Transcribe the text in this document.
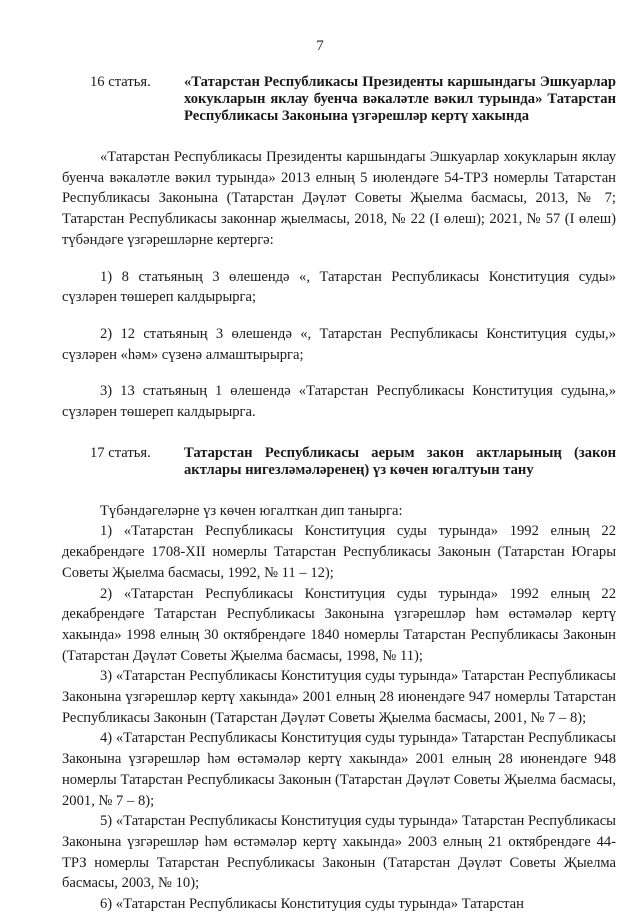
7
16 статья.	«Татарстан Республикасы Президенты каршындагы Эшкуарлар хокукларын яклау буенча вәкаләтле вәкил турында» Татарстан Республикасы Законына үзгәрешләр кертү хакында

«Татарстан Республикасы Президенты каршындагы Эшкуарлар хокукларын яклау буенча вәкаләтле вәкил турында» 2013 елның 5 июлендәге 54-ТРЗ номерлы Татарстан Республикасы Законына (Татарстан Дәүләт Советы Җыелма басмасы, 2013, № 7; Татарстан Республикасы законнар җыелмасы, 2018, № 22 (I өлеш); 2021, № 57 (I өлеш) түбәндәге үзгәрешләрне кертергә:

1) 8 статьяның 3 өлешендә «, Татарстан Республикасы Конституция суды» сүзләрен төшереп калдырырга;

2) 12 статьяның 3 өлешендә «, Татарстан Республикасы Конституция суды,» сүзләрен «һәм» сүзенә алмаштырырга;

3) 13 статьяның 1 өлешендә «Татарстан Республикасы Конституция судына,» сүзләрен төшереп калдырырга.

17 статья.	Татарстан Республикасы аерым закон актларының (закон актлары нигезләмәләренең) үз көчен югалтуын тану

Түбәндәгеләрне үз көчен югалткан дип танырга:

1) «Татарстан Республикасы Конституция суды турында» 1992 елның 22 декабрендәге 1708-XII номерлы Татарстан Республикасы Законын (Татарстан Югары Советы Җыелма басмасы, 1992, № 11 – 12);

2) «Татарстан Республикасы Конституция суды турында» 1992 елның 22 декабрендәге Татарстан Республикасы Законына үзгәрешләр һәм өстәмәләр кертү хакында» 1998 елның 30 октябрендәге 1840 номерлы Татарстан Республикасы Законын (Татарстан Дәүләт Советы Җыелма басмасы, 1998, № 11);

3) «Татарстан Республикасы Конституция суды турында» Татарстан Республикасы Законына үзгәрешләр кертү хакында» 2001 елның 28 июнендәге 947 номерлы Татарстан Республикасы Законын (Татарстан Дәүләт Советы Җыелма басмасы, 2001, № 7 – 8);

4) «Татарстан Республикасы Конституция суды турында» Татарстан Республикасы Законына үзгәрешләр һәм өстәмәләр кертү хакында» 2001 елның 28 июнендәге 948 номерлы Татарстан Республикасы Законын (Татарстан Дәүләт Советы Җыелма басмасы, 2001, № 7 – 8);

5) «Татарстан Республикасы Конституция суды турында» Татарстан Республикасы Законына үзгәрешләр һәм өстәмәләр кертү хакында» 2003 елның 21 октябрендәге 44-ТРЗ номерлы Татарстан Республикасы Законын (Татарстан Дәүләт Советы Җыелма басмасы, 2003, № 10);

6) «Татарстан Республикасы Конституция суды турында» Татарстан
